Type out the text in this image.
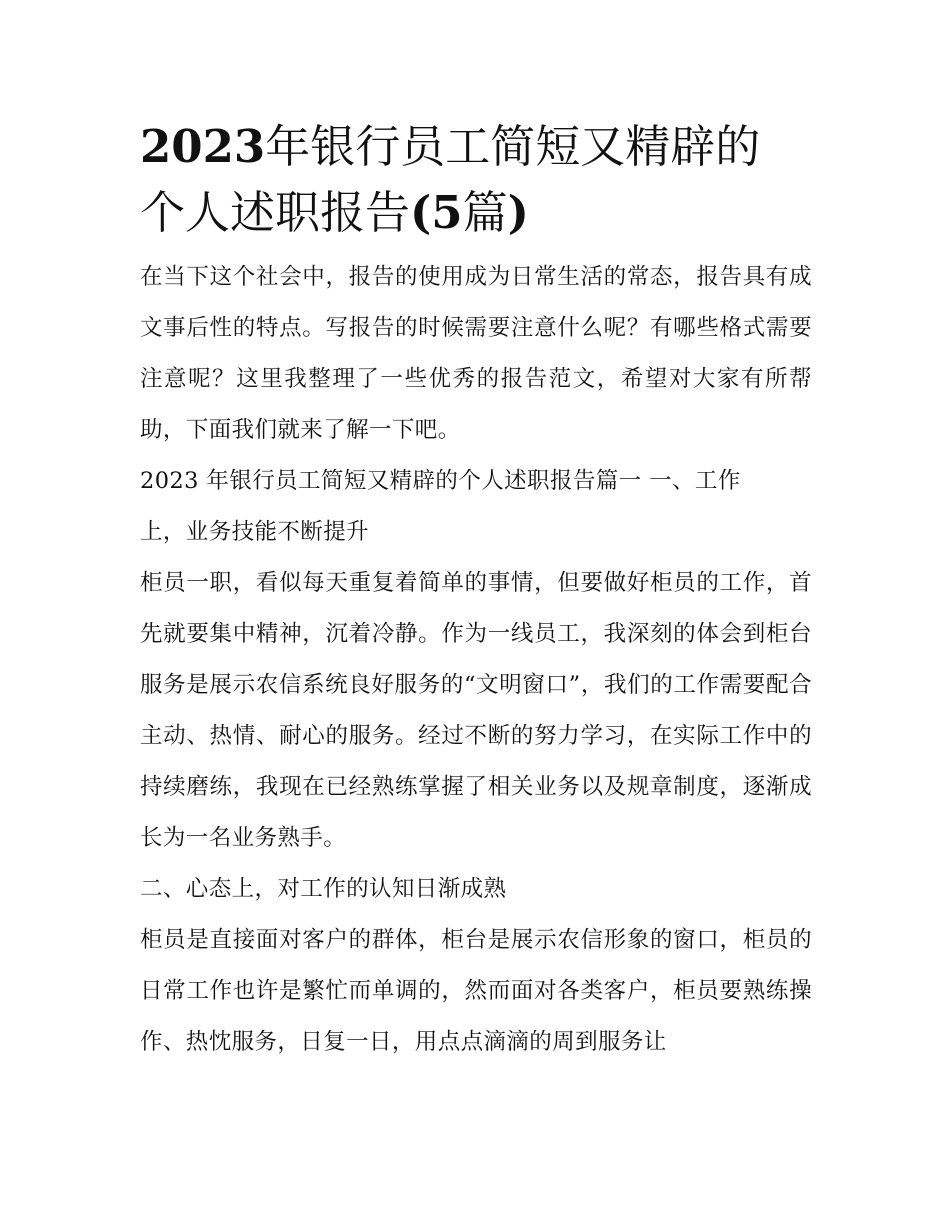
2023年银行员工简短又精辟的
个人述职报告(5篇)

在当下这个社会中，报告的使用成为日常生活的常态，报告具有成文事后性的特点。写报告的时候需要注意什么呢？有哪些格式需要注意呢？这里我整理了一些优秀的报告范文，希望对大家有所帮助，下面我们就来了解一下吧。

2023 年银行员工简短又精辟的个人述职报告篇一 一、工作

上，业务技能不断提升

柜员一职，看似每天重复着简单的事情，但要做好柜员的工作，首先就要集中精神，沉着冷静。作为一线员工，我深刻的体会到柜台服务是展示农信系统良好服务的“文明窗口”，我们的工作需要配合主动、热情、耐心的服务。经过不断的努力学习，在实际工作中的持续磨练，我现在已经熟练掌握了相关业务以及规章制度，逐渐成长为一名业务熟手。

二、心态上，对工作的认知日渐成熟

柜员是直接面对客户的群体，柜台是展示农信形象的窗口，柜员的日常工作也许是繁忙而单调的，然而面对各类客户，柜员要熟练操作、热忱服务，日复一日，用点点滴滴的周到服务让
